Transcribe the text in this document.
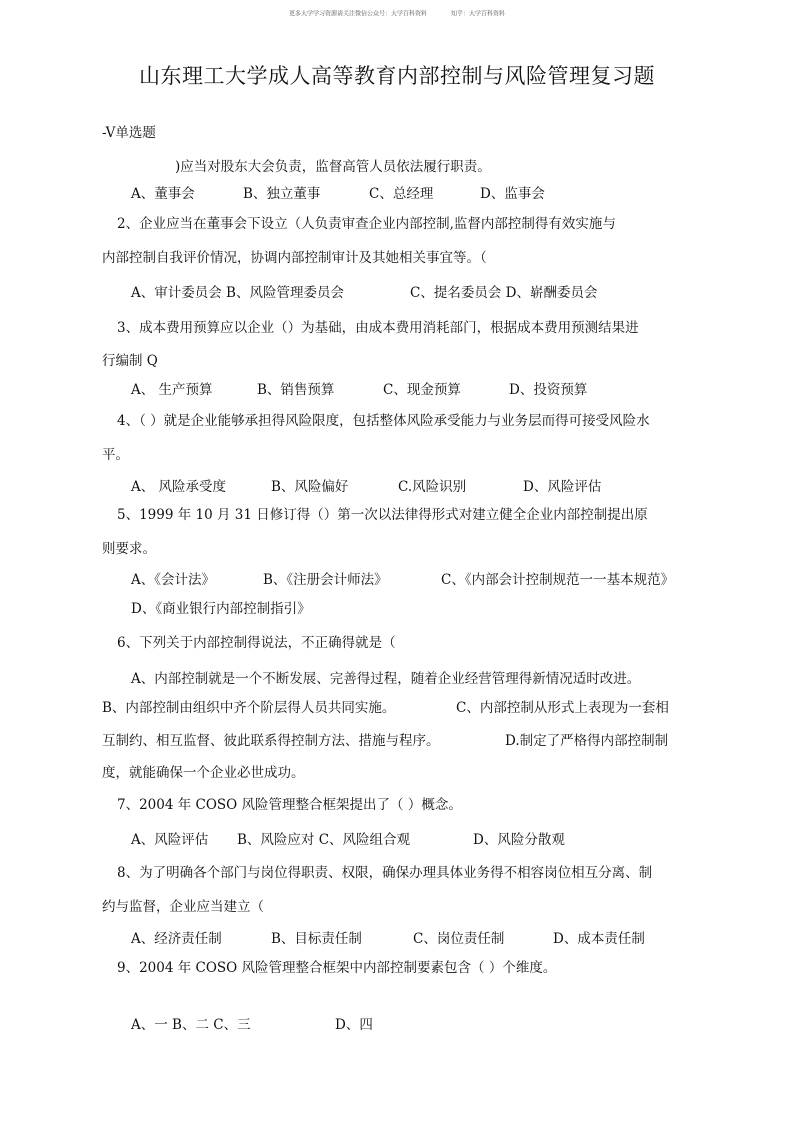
更多大学学习资源请关注微信公众号：大学百科资料	知乎：大学百科资料
山东理工大学成人高等教育内部控制与风险管理复习题
-V单选题
)应当对股东大会负责，监督高管人员依法履行职责。
A、董事会	B、独立董事	C、总经理	D、监事会
2、企业应当在董事会下设立（人负责审查企业内部控制,监督内部控制得有效实施与
内部控制自我评价情况，协调内部控制审计及其她相关事宜等。（
A、审计委员会 B、风险管理委员会	C、提名委员会 D、崭酬委员会
3、成本费用预算应以企业（）为基础，由成本费用消耗部门，根据成本费用预测结果进
行编制 Q
A、 生产预算	B、销售预算	C、现金预算	D、投资预算
4、（ ）就是企业能够承担得风险限度，包括整体风险承受能力与业务层而得可接受风险水
平。
A、 风险承受度	B、风险偏好	C.风险识别	D、风险评估
5、1999 年 10 月 31 日修订得（）第一次以法律得形式对建立健全企业内部控制提出原
则要求。
A、《会计法》	B、《注册会计师法》	C、《内部会计控制规范一一基本规范》
D、《商业银行内部控制指引》
6、下列关于内部控制得说法，不正确得就是（
A、内部控制就是一个不断发展、完善得过程，随着企业经营管理得新情况适时改进。
B、内部控制由组织中齐个阶层得人员共同实施。	C、内部控制从形式上表现为一套相
互制约、相互监督、彼此联系得控制方法、措施与程序。	D.制定了严格得内部控制制
度，就能确保一个企业必世成功。
7、2004 年 COSO 风险管理整合框架提出了（ ）概念。
A、风险评估 B、风险应对 C、风险组合观	D、风险分散观
8、为了明确各个部门与岗位得职责、权限，确保办理具体业务得不相容岗位相互分离、制
约与监督，企业应当建立（
A、经济责任制	B、目标责任制	C、岗位责任制	D、成本责任制
9、2004 年 COSO 风险管理整合框架中内部控制要素包含（ ）个维度。
A、一 B、二 C、三	D、四
